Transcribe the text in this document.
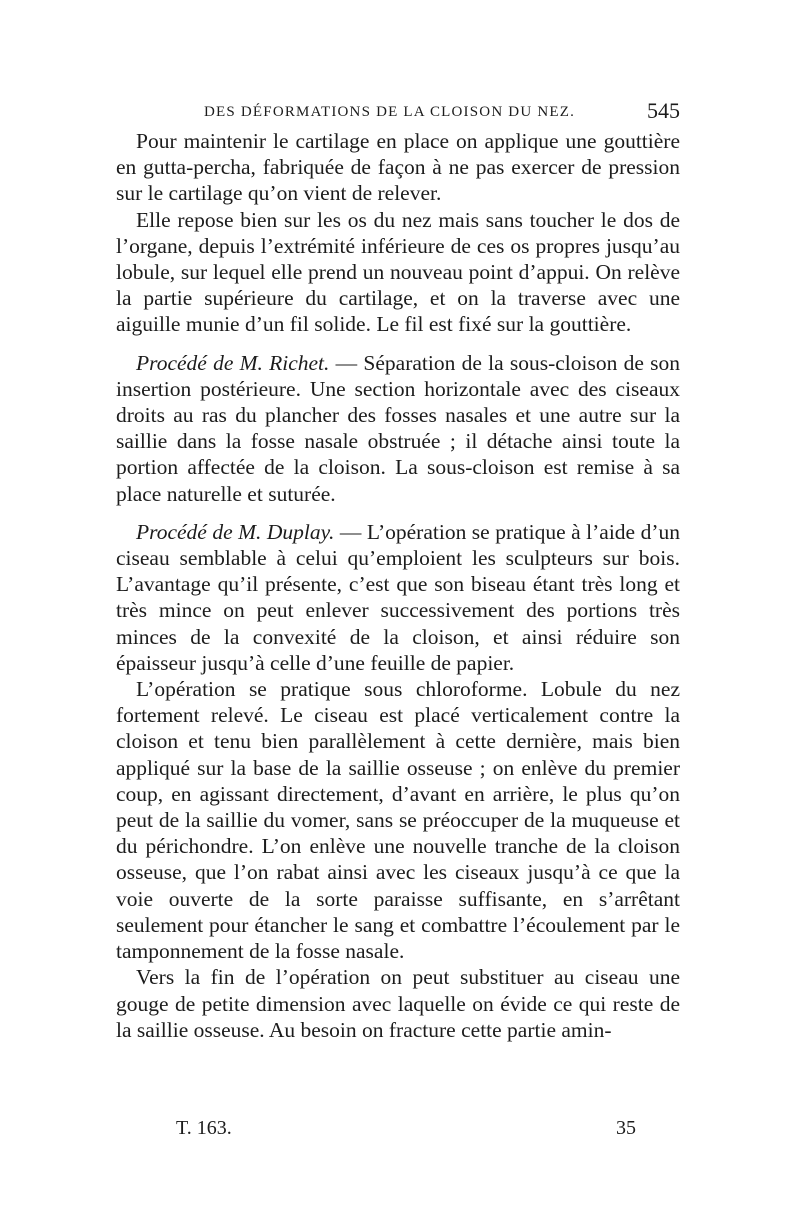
DES DÉFORMATIONS DE LA CLOISON DU NEZ.	545

Pour maintenir le cartilage en place on applique une gouttière en gutta-percha, fabriquée de façon à ne pas exercer de pression sur le cartilage qu’on vient de relever.

Elle repose bien sur les os du nez mais sans toucher le dos de l’organe, depuis l’extrémité inférieure de ces os propres jusqu’au lobule, sur lequel elle prend un nouveau point d’appui. On relève la partie supérieure du cartilage, et on la traverse avec une aiguille munie d’un fil solide. Le fil est fixé sur la gouttière.

Procédé de M. Richet. — Séparation de la sous-cloison de son insertion postérieure. Une section horizontale avec des ciseaux droits au ras du plancher des fosses nasales et une autre sur la saillie dans la fosse nasale obstruée ; il détache ainsi toute la portion affectée de la cloison. La sous-cloison est remise à sa place naturelle et suturée.

Procédé de M. Duplay. — L’opération se pratique à l’aide d’un ciseau semblable à celui qu’emploient les sculpteurs sur bois. L’avantage qu’il présente, c’est que son biseau étant très long et très mince on peut enlever successivement des portions très minces de la convexité de la cloison, et ainsi réduire son épaisseur jusqu’à celle d’une feuille de papier.

L’opération se pratique sous chloroforme. Lobule du nez fortement relevé. Le ciseau est placé verticalement contre la cloison et tenu bien parallèlement à cette dernière, mais bien appliqué sur la base de la saillie osseuse ; on enlève du premier coup, en agissant directement, d’avant en arrière, le plus qu’on peut de la saillie du vomer, sans se préoccuper de la muqueuse et du périchondre. L’on enlève une nouvelle tranche de la cloison osseuse, que l’on rabat ainsi avec les ciseaux jusqu’à ce que la voie ouverte de la sorte paraisse suffisante, en s’arrêtant seulement pour étancher le sang et combattre l’écoulement par le tamponnement de la fosse nasale.

Vers la fin de l’opération on peut substituer au ciseau une gouge de petite dimension avec laquelle on évide ce qui reste de la saillie osseuse. Au besoin on fracture cette partie amin-

T. 163.	35
